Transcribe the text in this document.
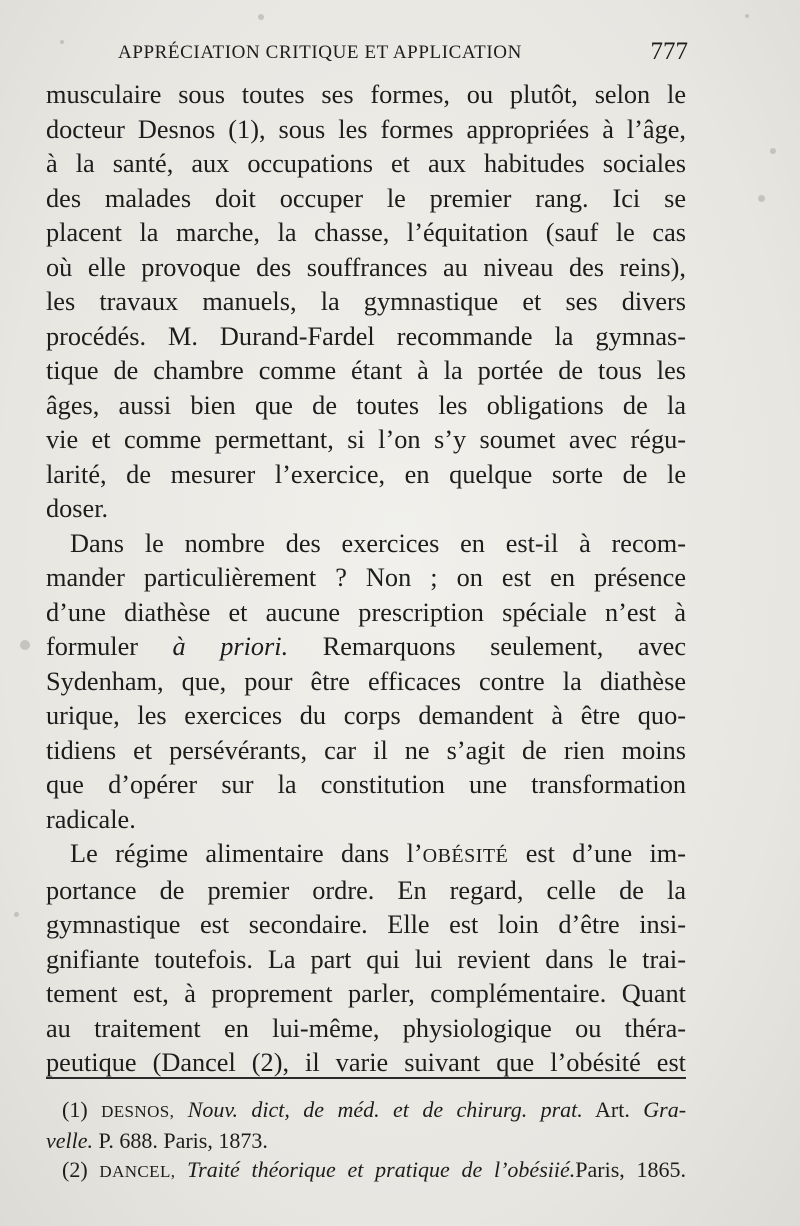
APPRÉCIATION CRITIQUE ET APPLICATION	777
musculaire sous toutes ses formes, ou plutôt, selon le
docteur Desnos (1), sous les formes appropriées à l’âge,
à la santé, aux occupations et aux habitudes sociales
des malades doit occuper le premier rang. Ici se
placent la marche, la chasse, l’équitation (sauf le cas
où elle provoque des souffrances au niveau des reins),
les travaux manuels, la gymnastique et ses divers
procédés. M. Durand-Fardel recommande la gymnas-
tique de chambre comme étant à la portée de tous les
âges, aussi bien que de toutes les obligations de la
vie et comme permettant, si l’on s’y soumet avec régu-
larité, de mesurer l’exercice, en quelque sorte de le
doser.
Dans le nombre des exercices en est-il à recom-
mander particulièrement ? Non ; on est en présence
d’une diathèse et aucune prescription spéciale n’est à
formuler à priori. Remarquons seulement, avec
Sydenham, que, pour être efficaces contre la diathèse
urique, les exercices du corps demandent à être quo-
tidiens et persévérants, car il ne s’agit de rien moins
que d’opérer sur la constitution une transformation
radicale.
Le régime alimentaire dans l’OBÉSITÉ est d’une im-
portance de premier ordre. En regard, celle de la
gymnastique est secondaire. Elle est loin d’être insi-
gnifiante toutefois. La part qui lui revient dans le trai-
tement est, à proprement parler, complémentaire. Quant
au traitement en lui-même, physiologique ou théra-
peutique (Dancel (2), il varie suivant que l’obésité est
(1) DESNOS, Nouv. dict, de méd. et de chirurg. prat. Art. Gra-
velle. P. 688. Paris, 1873.
(2) DANCEL, Traité théorique et pratique de l’obésiié.Paris, 1865.
